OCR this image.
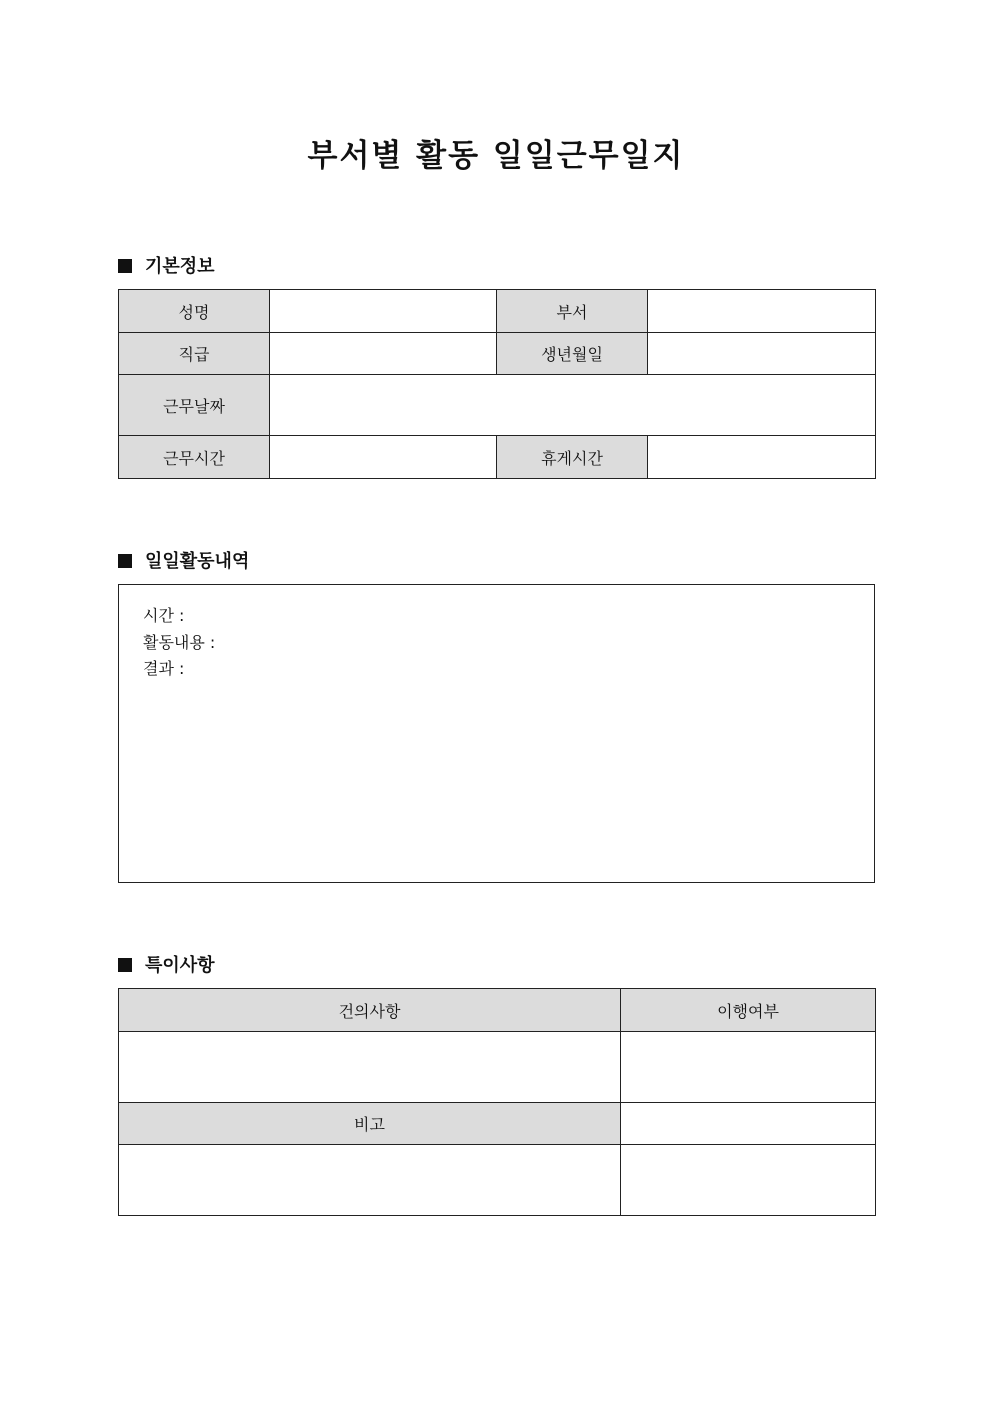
부서별 활동 일일근무일지
기본정보
성명		부서	
직급		생년월일	
근무날짜			
근무시간		휴게시간	
일일활동내역
시간 :
활동내용 :
결과 :
특이사항
건의사항	이행여부

비고	
